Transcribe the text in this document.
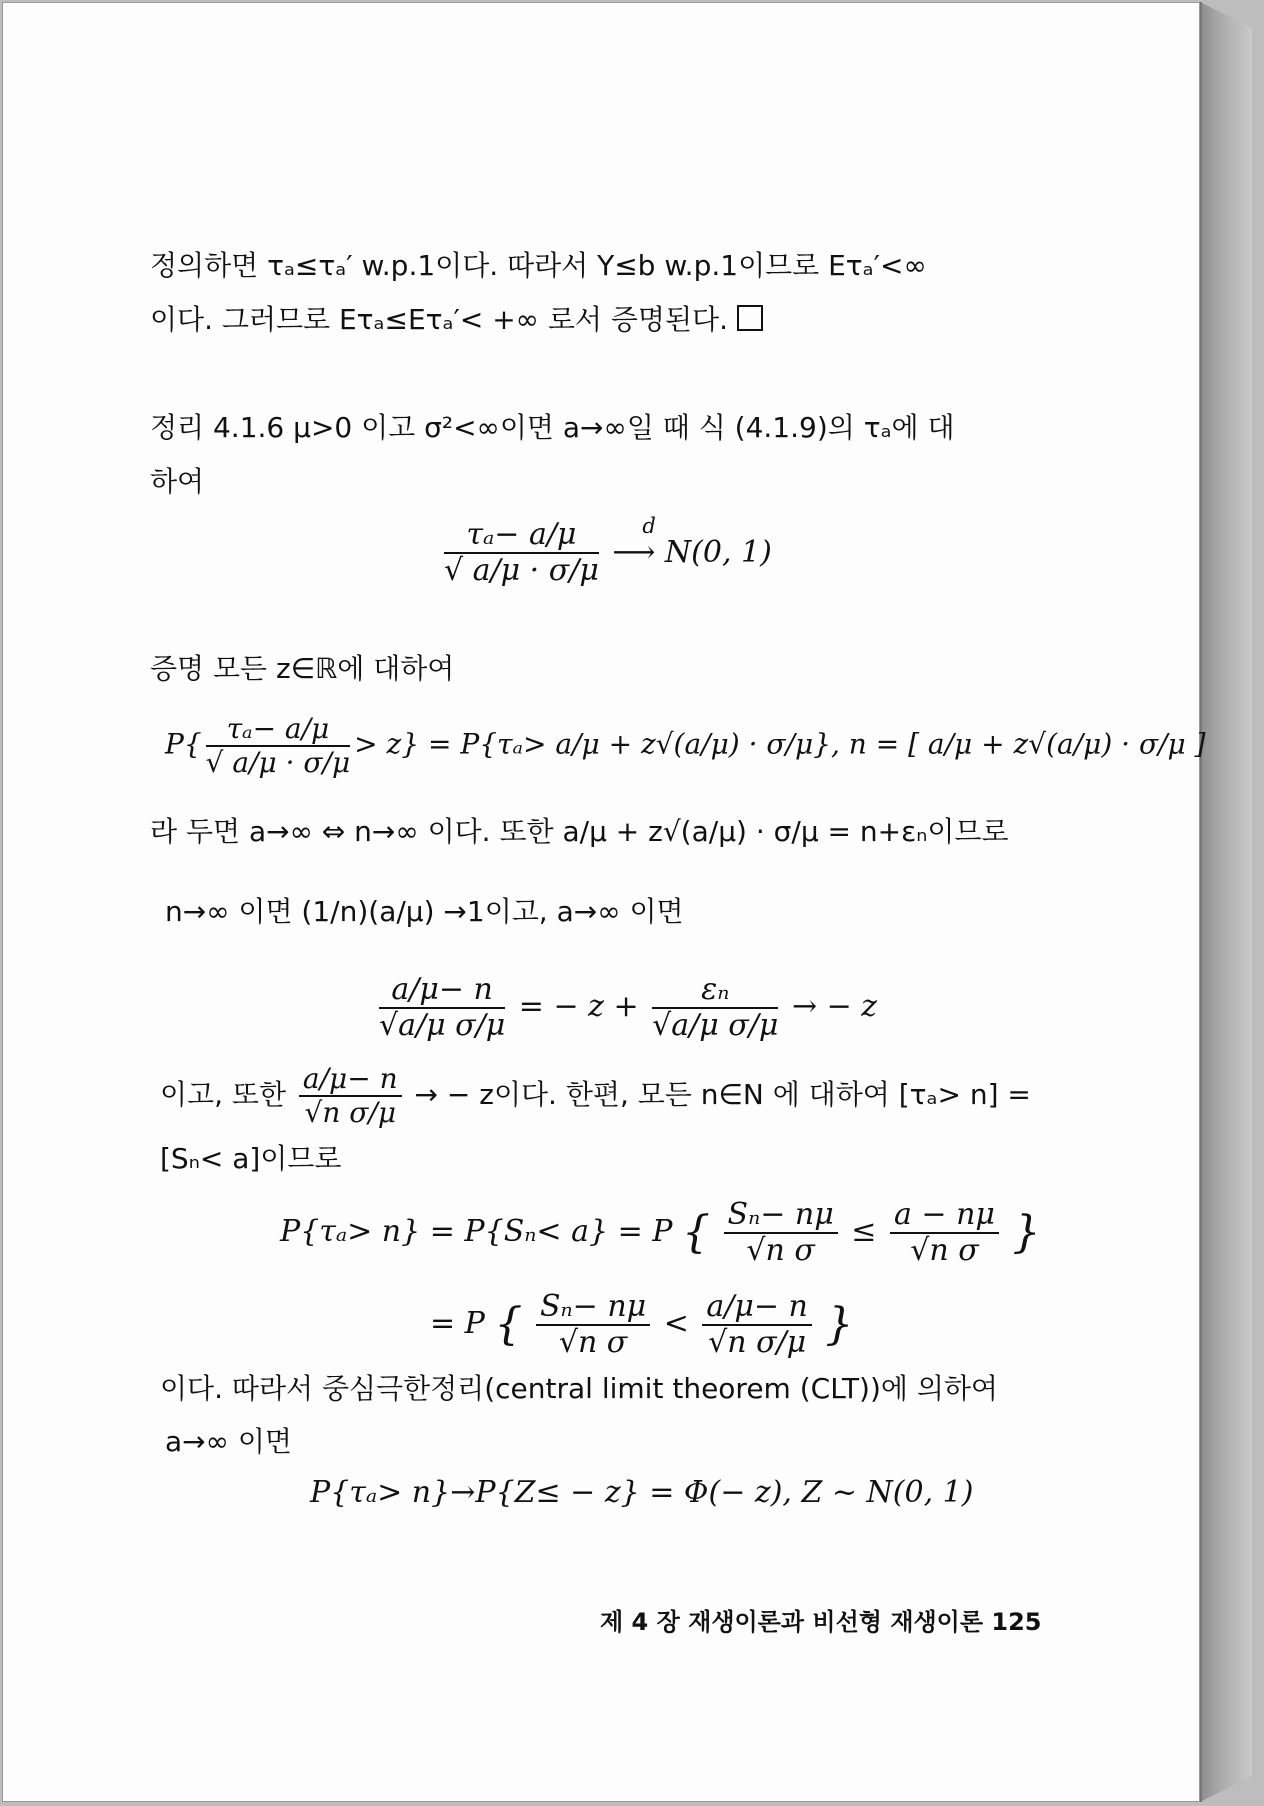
정의하면 τₐ≤τₐ′ w.p.1이다. 따라서 Y≤b w.p.1이므로 Eτₐ′<∞
이다. 그러므로 Eτₐ≤Eτₐ′< +∞ 로서 증명된다.
정리 4.1.6 μ>0 이고 σ²<∞이면 a→∞일 때 식 (4.1.9)의 τₐ에 대
하여
$\frac{\text{τₐ− a/μ}}{√ a/\mu \cdot \sigma/\mu}$
d
⟶ N(0, 1)
증명 모든 z∈ℝ에 대하여
$P\{ \frac{\text{τₐ− a/μ}}{√ a/\mu \cdot \sigma/\mu} > z\} = P\{\tau_a> a/\mu + z√(a/\mu) \cdot \sigma/\mu\}$, n = [ a/μ + z√(a/μ) · σ/μ ]
라 두면 a→∞ ⇔ n→∞ 이다. 또한 a/μ + z√(a/μ) · σ/μ = n+εₙ이므로
n→∞ 이면 (1/n)(a/μ) →1이고, a→∞ 이면
$\frac{a/\mu- n}{\text{√a/μ σ/μ}}$ = − $z + \frac{\text{εₙ}}{\text{√a/μ σ/μ}}$ → − z
이고, 또한 $\frac{a/\mu- n}{\text{√n σ/μ}}$ → − z이다. 한편, 모든 n∈N 에 대하여 [τₐ> n] =
[Sₙ< a]이므로
P{τₐ> n} = P{Sₙ< a} = P { $\frac{\text{Sₙ− nμ}}{\text{√n σ}} \le \frac{a - n\mu}{\text{√n σ}}$ }
= P { $\frac{\text{Sₙ− nμ}}{\text{√n σ}} < \frac{a/\mu- n}{\text{√n σ/μ}}$ }
이다. 따라서 중심극한정리(central limit theorem (CLT))에 의하여
a→∞ 이면
P{τₐ> n}→P{Z≤ − z} = Φ(− z), Z ~ N(0, 1)
제 4 장 재생이론과 비선형 재생이론 125
